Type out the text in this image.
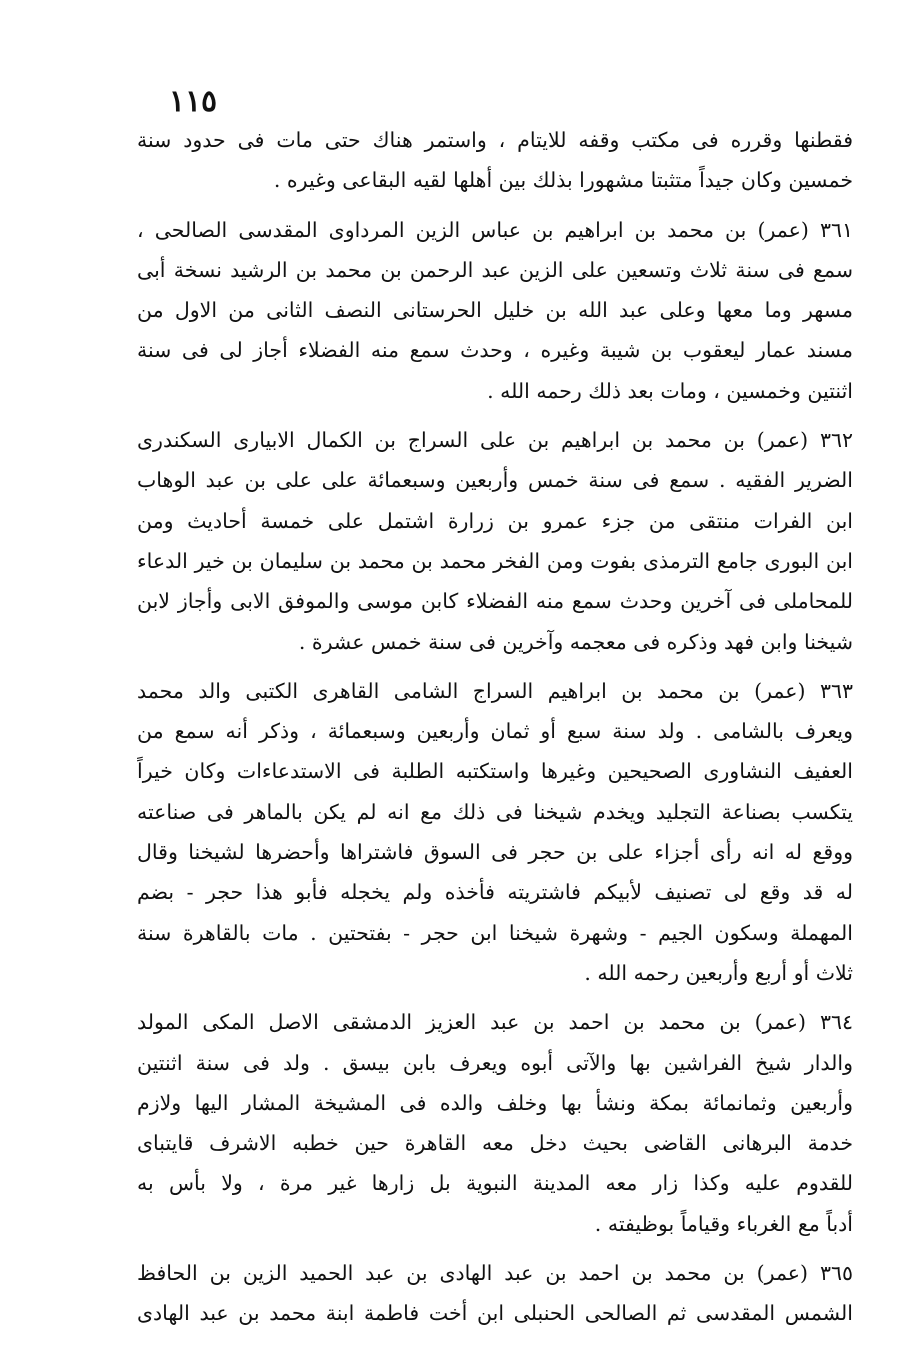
١١٥
فقطنها وقرره فى مكتب وقفه للايتام ، واستمر هناك حتى مات فى حدود سنة
خمسين وكان جيداً متثبتا مشهورا بذلك بين أهلها لقيه البقاعى وغيره .
٣٦١ (عمر) بن محمد بن ابراهيم بن عباس الزين المرداوى المقدسى الصالحى ،
سمع فى سنة ثلاث وتسعين على الزين عبد الرحمن بن محمد بن الرشيد نسخة أبى
مسهر وما معها وعلى عبد الله بن خليل الحرستانى النصف الثانى من الاول من
مسند عمار ليعقوب بن شيبة وغيره ، وحدث سمع منه الفضلاء أجاز لى فى سنة
اثنتين وخمسين ، ومات بعد ذلك رحمه الله .
٣٦٢ (عمر) بن محمد بن ابراهيم بن على السراج بن الكمال الابيارى السكندرى
الضرير الفقيه . سمع فى سنة خمس وأربعين وسبعمائة على على بن عبد الوهاب
ابن الفرات منتقى من جزء عمرو بن زرارة اشتمل على خمسة أحاديث ومن
ابن البورى جامع الترمذى بفوت ومن الفخر محمد بن محمد بن سليمان بن خير الدعاء
للمحاملى فى آخرين وحدث سمع منه الفضلاء كابن موسى والموفق الابى وأجاز لابن
شيخنا وابن فهد وذكره فى معجمه وآخرين فى سنة خمس عشرة .
٣٦٣ (عمر) بن محمد بن ابراهيم السراج الشامى القاهرى الكتبى والد محمد
ويعرف بالشامى . ولد سنة سبع أو ثمان وأربعين وسبعمائة ، وذكر أنه سمع من
العفيف النشاورى الصحيحين وغيرها واستكتبه الطلبة فى الاستدعاءات وكان خيراً
يتكسب بصناعة التجليد ويخدم شيخنا فى ذلك مع انه لم يكن بالماهر فى صناعته
ووقع له انه رأى أجزاء على بن حجر فى السوق فاشتراها وأحضرها لشيخنا وقال
له قد وقع لى تصنيف لأبيكم فاشتريته فأخذه ولم يخجله فأبو هذا حجر - بضم
المهملة وسكون الجيم - وشهرة شيخنا ابن حجر - بفتحتين . مات بالقاهرة سنة
ثلاث أو أربع وأربعين رحمه الله .
٣٦٤ (عمر) بن محمد بن احمد بن عبد العزيز الدمشقى الاصل المكى المولد
والدار شيخ الفراشين بها والآتى أبوه ويعرف بابن بيسق . ولد فى سنة اثنتين
وأربعين وثمانمائة بمكة ونشأ بها وخلف والده فى المشيخة المشار اليها ولازم
خدمة البرهانى القاضى بحيث دخل معه القاهرة حين خطبه الاشرف قايتباى
للقدوم عليه وكذا زار معه المدينة النبوية بل زارها غير مرة ، ولا بأس به
أدباً مع الغرباء وقياماً بوظيفته .
٣٦٥ (عمر) بن محمد بن احمد بن عبد الهادى بن عبد الحميد الزين بن الحافظ
الشمس المقدسى ثم الصالحى الحنبلى ابن أخت فاطمة ابنة محمد بن عبد الهادى
